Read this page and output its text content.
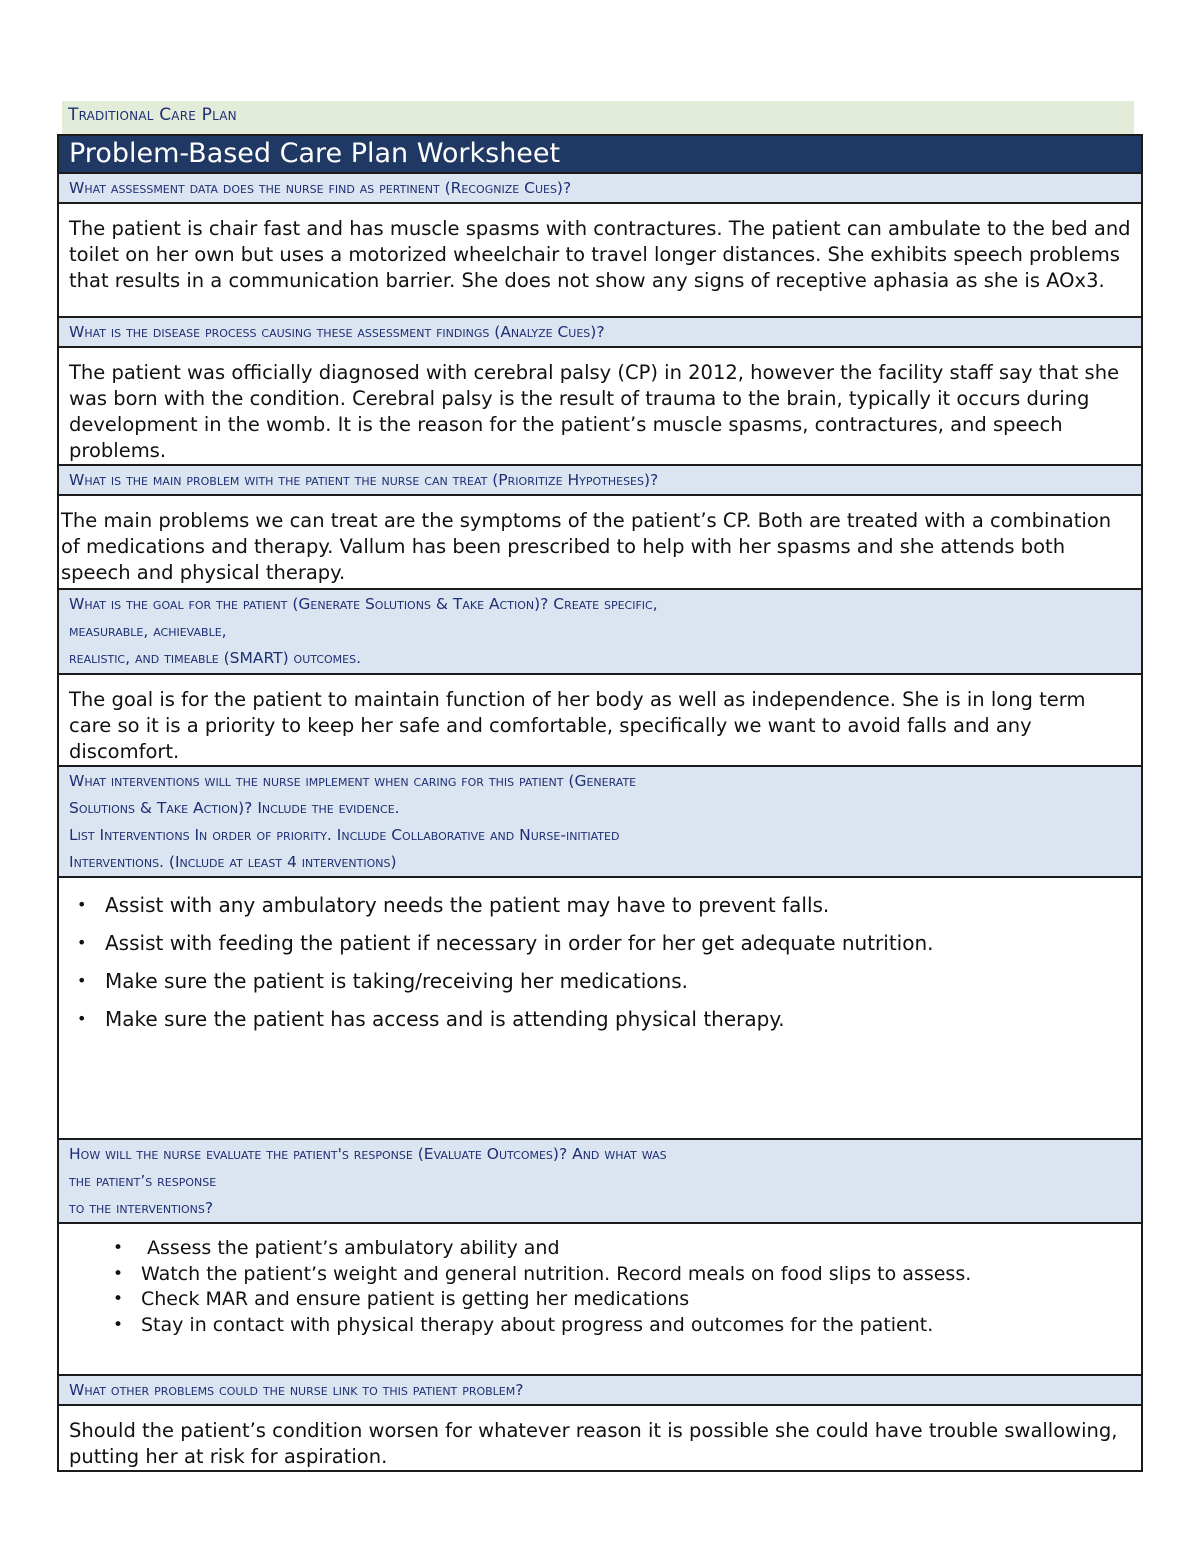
Traditional Care Plan
Problem-Based Care Plan Worksheet
What assessment data does the nurse find as pertinent (Recognize Cues)?
The patient is chair fast and has muscle spasms with contractures. The patient can ambulate to the bed and toilet on her own but uses a motorized wheelchair to travel longer distances. She exhibits speech problems that results in a communication barrier. She does not show any signs of receptive aphasia as she is AOx3.
What is the disease process causing these assessment findings (Analyze Cues)?
The patient was officially diagnosed with cerebral palsy (CP) in 2012, however the facility staff say that she was born with the condition. Cerebral palsy is the result of trauma to the brain, typically it occurs during development in the womb. It is the reason for the patient’s muscle spasms, contractures, and speech problems.
What is the main problem with the patient the nurse can treat (Prioritize Hypotheses)?
The main problems we can treat are the symptoms of the patient’s CP. Both are treated with a combination of medications and therapy. Vallum has been prescribed to help with her spasms and she attends both speech and physical therapy.

What is the goal for the patient (Generate Solutions & Take Action)? Create specific,
measurable, achievable,
realistic, and timeable (SMART) outcomes.

The goal is for the patient to maintain function of her body as well as independence. She is in long term care so it is a priority to keep her safe and comfortable, specifically we want to avoid falls and any discomfort.

What interventions will the nurse implement when caring for this patient (Generate
Solutions & Take Action)? Include the evidence.
List Interventions In order of priority. Include Collaborative and Nurse-initiated
Interventions. (Include at least 4 interventions)

• Assist with any ambulatory needs the patient may have to prevent falls.
• Assist with feeding the patient if necessary in order for her get adequate nutrition.
• Make sure the patient is taking/receiving her medications.
• Make sure the patient has access and is attending physical therapy.

How will the nurse evaluate the patient's response (Evaluate Outcomes)? And what was
the patient’s response
to the interventions?

• Assess the patient’s ambulatory ability and
• Watch the patient’s weight and general nutrition. Record meals on food slips to assess.
• Check MAR and ensure patient is getting her medications
• Stay in contact with physical therapy about progress and outcomes for the patient.

What other problems could the nurse link to this patient problem?
Should the patient’s condition worsen for whatever reason it is possible she could have trouble swallowing, putting her at risk for aspiration.
